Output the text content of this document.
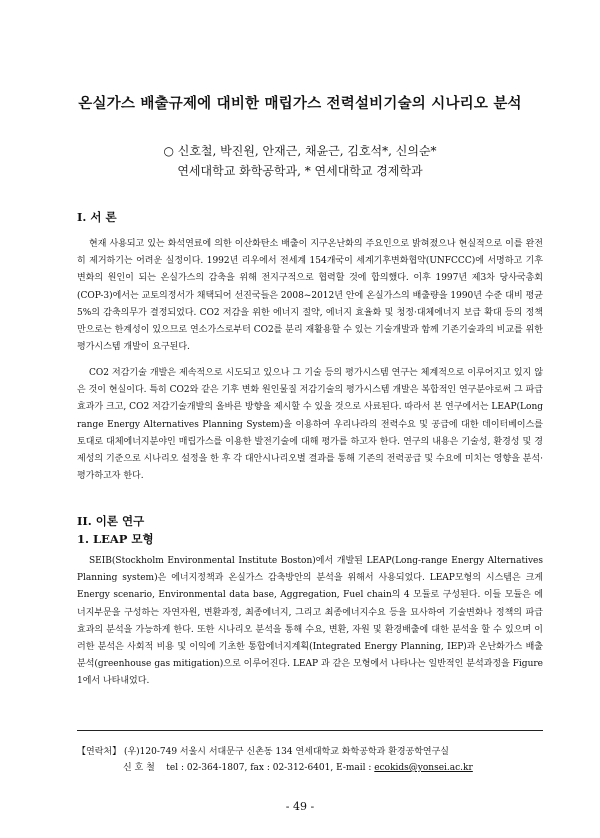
온실가스 배출규제에 대비한 매립가스 전력설비기술의 시나리오 분석
○ 신호철, 박진원, 안재근, 채윤근, 김호석*, 신의순*
연세대학교 화학공학과, * 연세대학교 경제학과
I. 서 론

현재 사용되고 있는 화석연료에 의한 이산화탄소 배출이 지구온난화의 주요인으로 밝혀졌으나 현실적으로 이를 완전히 제거하기는 어려운 실정이다. 1992년 리우에서 전세계 154개국이 세계기후변화협약(UNFCCC)에 서명하고 기후변화의 원인이 되는 온실가스의 감축을 위해 전지구적으로 협력할 것에 합의했다. 이후 1997년 제3차 당사국총회(COP-3)에서는 교토의정서가 채택되어 선진국들은 2008~2012년 안에 온실가스의 배출량을 1990년 수준 대비 평균 5%의 감축의무가 결정되었다. CO2 저감을 위한 에너지 절약, 에너지 효율화 및 청정·대체에너지 보급 확대 등의 정책만으로는 한계성이 있으므로 연소가스로부터 CO2를 분리 재활용할 수 있는 기술개발과 함께 기존기술과의 비교를 위한 평가시스템 개발이 요구된다.

CO2 저감기술 개발은 제속적으로 시도되고 있으나 그 기술 등의 평가시스템 연구는 체계적으로 이루어지고 있지 않은 것이 현실이다. 특히 CO2와 같은 기후 변화 원인물질 저감기술의 평가시스템 개발은 복합적인 연구분야로써 그 파급효과가 크고, CO2 저감기술개발의 올바른 방향을 제시할 수 있을 것으로 사료된다. 따라서 본 연구에서는 LEAP(Long range Energy Alternatives Planning System)을 이용하여 우리나라의 전력수요 및 공급에 대한 데이터베이스를 토대로 대체에너지분야인 매립가스를 이용한 발전기술에 대해 평가를 하고자 한다. 연구의 내용은 기술성, 환경성 및 경제성의 기준으로 시나리오 설정을 한 후 각 대안시나리오별 결과를 통해 기존의 전력공급 및 수요에 미치는 영향을 분석·평가하고자 한다.

II. 이론 연구
1. LEAP 모형

SEIB(Stockholm Environmental Institute Boston)에서 개발된 LEAP(Long-range Energy Alternatives Planning system)은 에너지정책과 온실가스 감축방안의 분석을 위해서 사용되었다. LEAP모형의 시스템은 크게 Energy scenario, Environmental data base, Aggregation, Fuel chain의 4 모듈로 구성된다. 이들 모듈은 에너지부문을 구성하는 자연자원, 변환과정, 최종에너지, 그리고 최종에너지수요 등을 묘사하여 기술변화나 정책의 파급효과의 분석을 가능하게 한다. 또한 시나리오 분석을 통해 수요, 변환, 자원 및 환경배출에 대한 분석을 할 수 있으며 이러한 분석은 사회적 비용 및 이익에 기초한 통합에너지계획(Integrated Energy Planning, IEP)과 온난화가스 배출분석(greenhouse gas mitigation)으로 이루어진다. LEAP 과 같은 모형에서 나타나는 일반적인 분석과정을 Figure 1에서 나타내었다.

【연락처】 (우)120-749 서울시 서대문구 신촌동 134 연세대학교 화학공학과 환경공학연구실
신 호 철 tel : 02-364-1807, fax : 02-312-6401, E-mail : ecokids@yonsei.ac.kr
- 49 -
